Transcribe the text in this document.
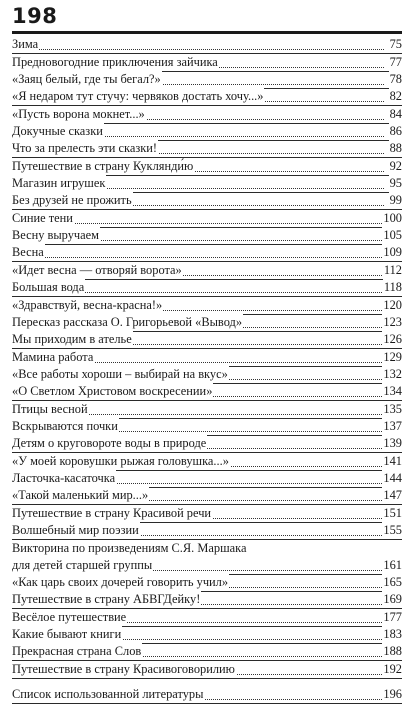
198
Зима	75
Предновогодние приключения зайчика	77
«Заяц белый, где ты бегал?»	78
«Я недаром тут стучу: червяков достать хочу...»	82
«Пусть ворона мокнет...»	84
Докучные сказки	86
Что за прелесть эти сказки!	88
Путешествие в страну Куклянди́ю	92
Магазин игрушек	95
Без друзей не прожить	99
Синие тени	100
Весну выручаем	105
Весна	109
«Идет весна — отворяй ворота»	112
Большая вода	118
«Здравствуй, весна-красна!»	120
Пересказ рассказа О. Григорьевой «Вывод»	123
Мы приходим в ателье	126
Мамина работа	129
«Все работы хороши – выбирай на вкус»	132
«О Светлом Христовом воскресении»	134
Птицы весной	135
Вскрываются почки	137
Детям о круговороте воды в природе	139
«У моей коровушки рыжая головушка...»	141
Ласточка-касаточка	144
«Такой маленький мир...»	147
Путешествие в страну Красивой речи	151
Волшебный мир поэзии	155
Викторина по произведениям С.Я. Маршака
для детей старшей группы	161
«Как царь своих дочерей говорить учил»	165
Путешествие в страну АБВГДейку!	169
Весёлое путешествие	177
Какие бывают книги	183
Прекрасная страна Слов	188
Путешествие в страну Красивоговорилию	192
Список использованной литературы	196
